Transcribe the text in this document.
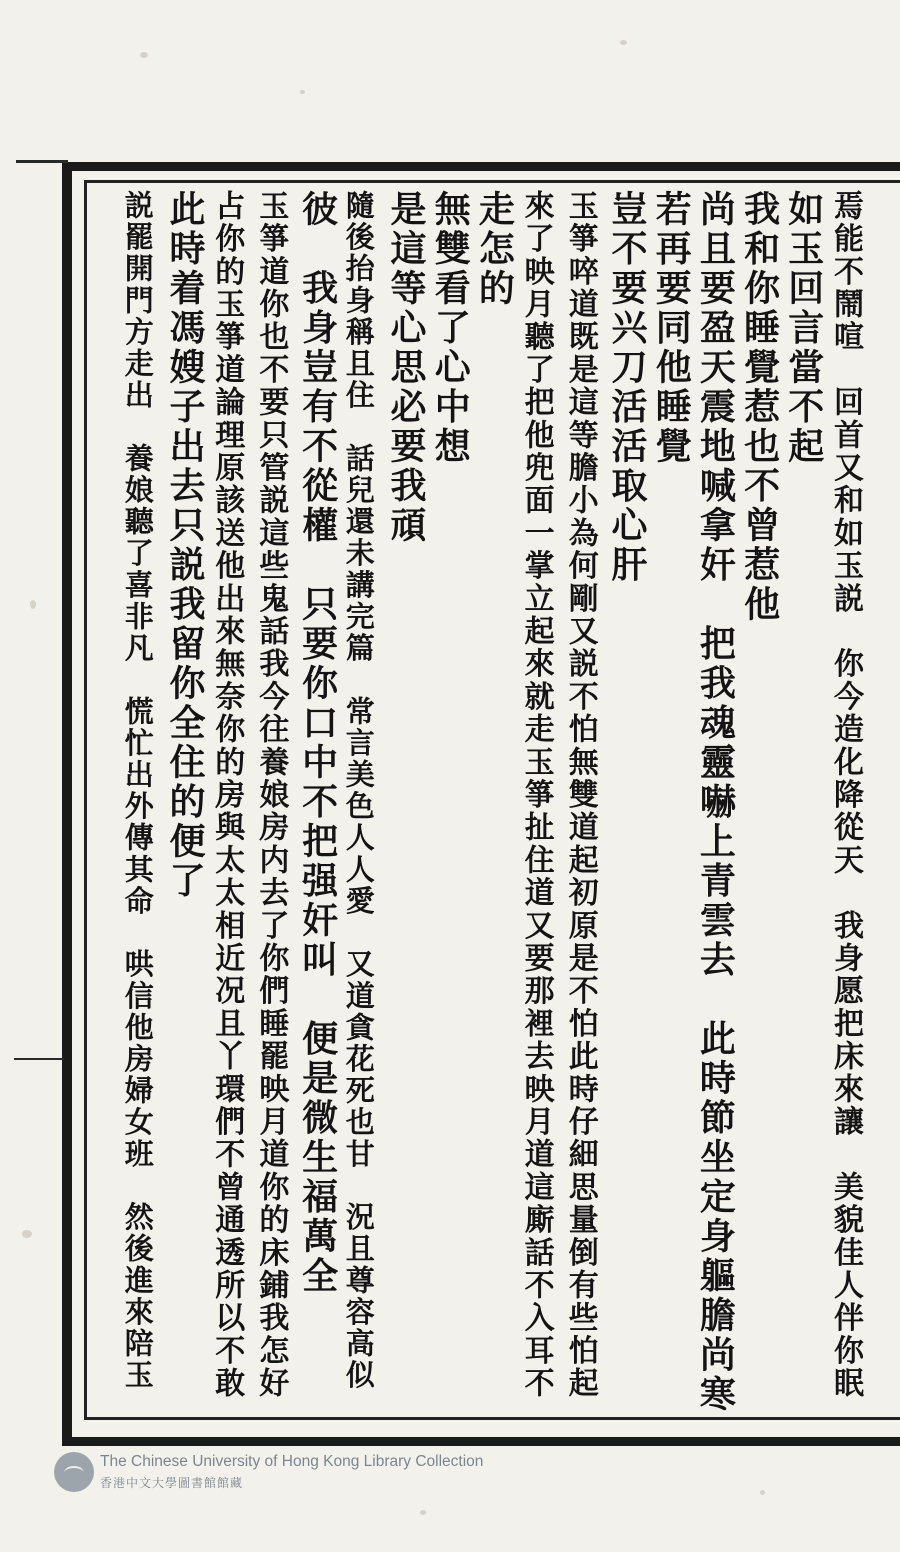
焉能不鬧喧　回首又和如玉説　你今造化降從天　我身愿把床來讓　美貌佳人伴你眠
如玉回言當不起
我和你睡覺惹也不曾惹他
尚且要盈天震地喊拿奸　把我魂靈嚇上青雲去　此時節坐定身軀膽尚寒
若再要同他睡覺
豈不要兴刀活活取心肝
玉箏啐道既是這等膽小為何剛又説不怕無雙道起初原是不怕此時仔細思量倒有些怕起
來了映月聽了把他兜面一掌立起來就走玉箏扯住道又要那裡去映月道這廝話不入耳不
走怎的
無雙看了心中想
是這等心思必要我頑
隨後抬身稱且住　話兒還未講完篇　常言美色人人愛　又道貪花死也甘　況且尊容高似
彼　我身豈有不從權　只要你口中不把强奸叫　便是微生福萬全
玉箏道你也不要只管説這些鬼話我今往養娘房内去了你們睡罷映月道你的床鋪我怎好
占你的玉箏道論理原該送他出來無奈你的房與太太相近况且丫環們不曾通透所以不敢
此時着馮嫂子出去只説我留你全住的便了
説罷開門方走出　養娘聽了喜非凡　慌忙出外傳其命　哄信他房婦女班　然後進來陪玉
The Chinese University of Hong Kong Library Collection
香港中文大學圖書館館藏
